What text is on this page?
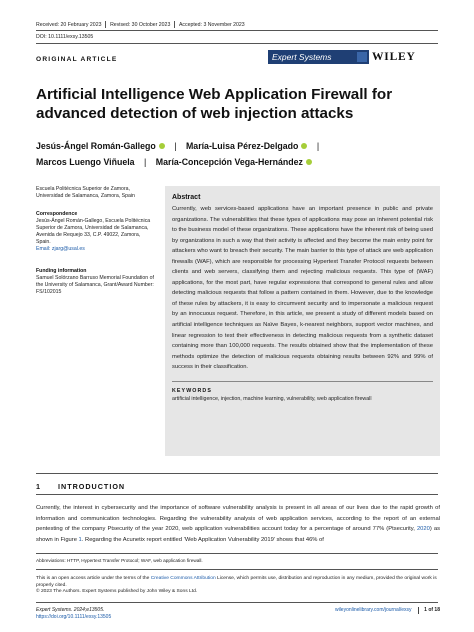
Received: 20 February 2023 Revised: 30 October 2023 Accepted: 3 November 2023
DOI: 10.1111/exsy.13505
ORIGINAL ARTICLE	Expert Systems	WILEY
Artificial Intelligence Web Application Firewall for advanced detection of web injection attacks
Jesús-Ángel Román-Gallego | María-Luisa Pérez-Delgado |
Marcos Luengo Viñuela | María-Concepción Vega-Hernández
Escuela Politécnica Superior de Zamora, Universidad de Salamanca, Zamora, Spain
Correspondence
Jesús-Ángel Román-Gallego, Escuela Politécnica Superior de Zamora, Universidad de Salamanca, Avenida de Requejo 33, C.P. 49022, Zamora, Spain.
Email: zjarg@usal.es
Funding information
Samuel Solórzano Barruso Memorial Foundation of the University of Salamanca, Grant/Award Number: FS/102015
Abstract
Currently, web services-based applications have an important presence in public and private organizations. The vulnerabilities that these types of applications may pose an inherent potential risk to the business model of these organizations. These applications have the inherent risk of being used by organizations in such a way that their activity is affected and they become the main entry point for attackers who want to breach their security. The main barrier to this type of attack are web application firewalls (WAF), which are responsible for processing Hypertext Transfer Protocol requests between clients and web servers, classifying them and rejecting malicious requests. This type of (WAF) applications, for the most part, have regular expressions that correspond to general rules and allow detecting malicious requests that follow a pattern contained in them. However, due to the knowledge of these rules by attackers, it is easy to circumvent security and to impersonate a malicious request by an innocuous request. Therefore, in this article, we present a study of different models based on artificial intelligence techniques as Naïve Bayes, k-nearest neighbors, support vector machines, and linear regression to test their effectiveness in detecting malicious requests from a synthetic dataset containing more than 100,000 requests. The results obtained show that the implementation of these methods optimize the detection of malicious requests obtaining results between 92% and 99% of success in their classification.
KEYWORDS
artificial intelligence, injection, machine learning, vulnerability, web application firewall
1 INTRODUCTION
Currently, the interest in cybersecurity and the importance of software vulnerability analysis is present in all areas of our lives due to the rapid growth of information and communication technologies. Regarding the vulnerability analysis of web application services, according to the report of an external pentesting of the company Ptsecurity of the year 2020, web application vulnerabilities account today for a percentage of around 77% (Ptsecurity, 2020) as shown in Figure 1. Regarding the Acunetix report entitled ‘Web Application Vulnerability 2019’ shows that 46% of
Abbreviations: HTTP, Hypertext Transfer Protocol; WAF, web application firewall.
This is an open access article under the terms of the Creative Commons Attribution License, which permits use, distribution and reproduction in any medium, provided the original work is properly cited.
© 2023 The Authors. Expert Systems published by John Wiley & Sons Ltd.
Expert Systems. 2024;e13505.
https://doi.org/10.1111/exsy.13505
wileyonlinelibrary.com/journal/exsy	1 of 18
